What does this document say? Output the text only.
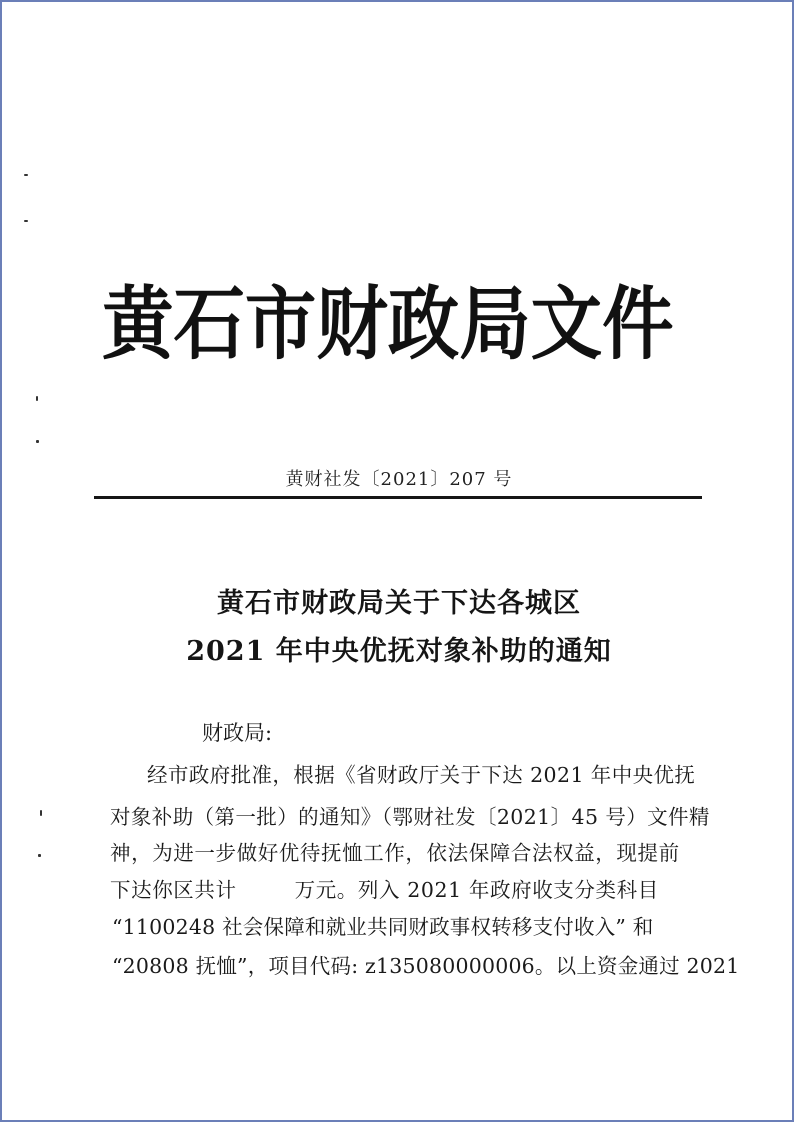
黄石市财政局文件
黄财社发〔2021〕207 号
黄石市财政局关于下达各城区
2021 年中央优抚对象补助的通知
财政局:
经市政府批准，根据《省财政厅关于下达 2021 年中央优抚
对象补助（第一批）的通知》（鄂财社发〔2021〕45 号）文件精
神，为进一步做好优待抚恤工作，依法保障合法权益，现提前
下达你区共计	万元。列入 2021 年政府收支分类科目
“1100248 社会保障和就业共同财政事权转移支付收入” 和
“20808 抚恤”，项目代码: z135080000006。以上资金通过 2021
